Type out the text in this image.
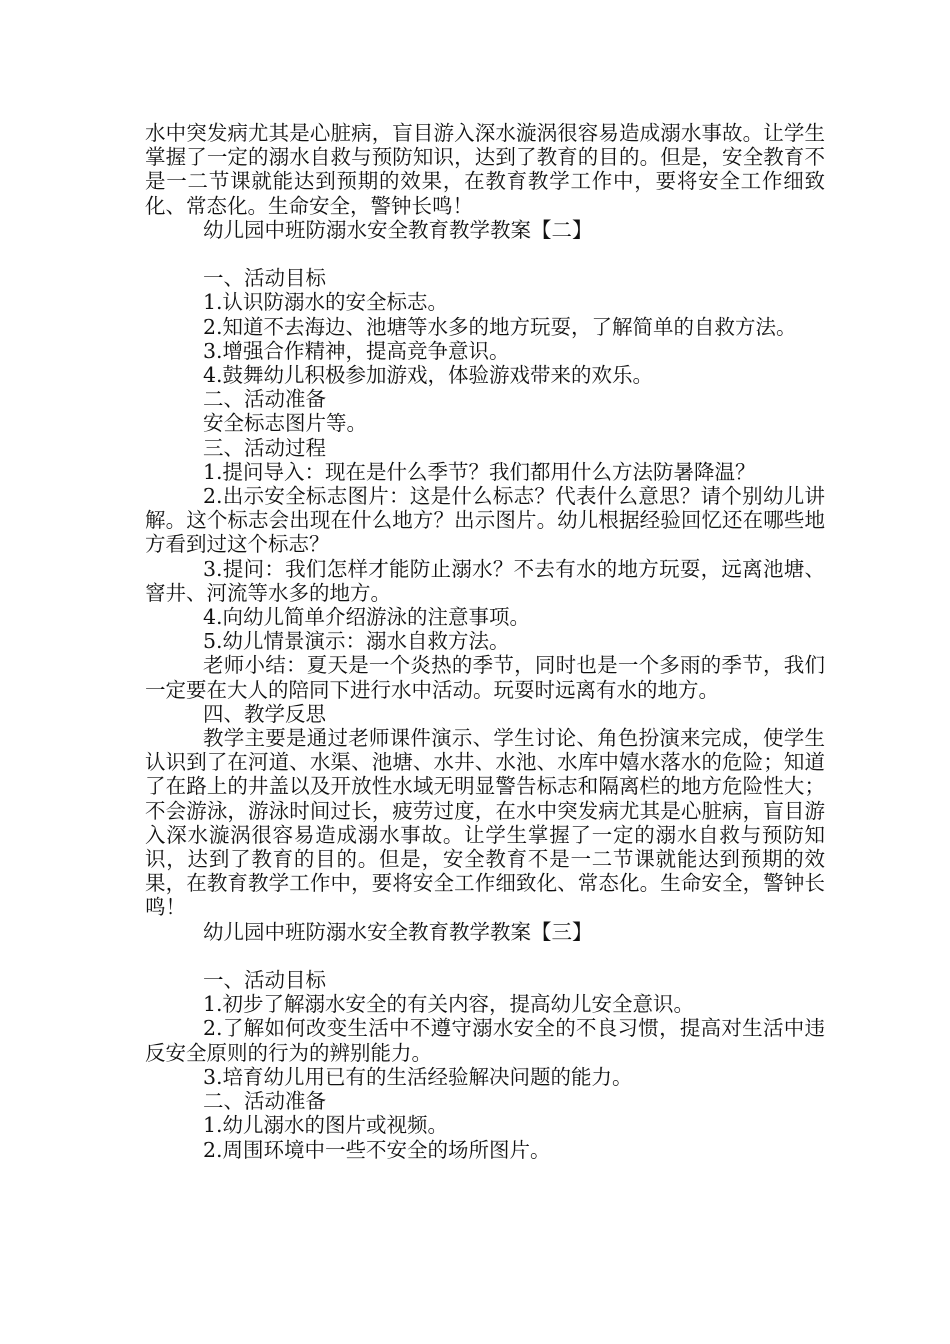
水中突发病尤其是心脏病，盲目游入深水漩涡很容易造成溺水事故。让学生掌握了一定的溺水自救与预防知识，达到了教育的目的。但是，安全教育不是一二节课就能达到预期的效果，在教育教学工作中，要将安全工作细致化、常态化。生命安全，警钟长鸣！

幼儿园中班防溺水安全教育教学教案【二】

一、活动目标

1.认识防溺水的安全标志。

2.知道不去海边、池塘等水多的地方玩耍，了解简单的自救方法。

3.增强合作精神，提高竞争意识。

4.鼓舞幼儿积极参加游戏，体验游戏带来的欢乐。

二、活动准备

安全标志图片等。

三、活动过程

1.提问导入：现在是什么季节？我们都用什么方法防暑降温？

2.出示安全标志图片：这是什么标志？代表什么意思？请个别幼儿讲解。这个标志会出现在什么地方？出示图片。幼儿根据经验回忆还在哪些地方看到过这个标志？

3.提问：我们怎样才能防止溺水？不去有水的地方玩耍，远离池塘、窨井、河流等水多的地方。

4.向幼儿简单介绍游泳的注意事项。

5.幼儿情景演示：溺水自救方法。

老师小结：夏天是一个炎热的季节，同时也是一个多雨的季节，我们一定要在大人的陪同下进行水中活动。玩耍时远离有水的地方。

四、教学反思

教学主要是通过老师课件演示、学生讨论、角色扮演来完成，使学生认识到了在河道、水渠、池塘、水井、水池、水库中嬉水落水的危险；知道了在路上的井盖以及开放性水域无明显警告标志和隔离栏的地方危险性大；不会游泳，游泳时间过长，疲劳过度，在水中突发病尤其是心脏病，盲目游入深水漩涡很容易造成溺水事故。让学生掌握了一定的溺水自救与预防知识，达到了教育的目的。但是，安全教育不是一二节课就能达到预期的效果，在教育教学工作中，要将安全工作细致化、常态化。生命安全，警钟长鸣！

幼儿园中班防溺水安全教育教学教案【三】

一、活动目标

1.初步了解溺水安全的有关内容，提高幼儿安全意识。

2.了解如何改变生活中不遵守溺水安全的不良习惯，提高对生活中违反安全原则的行为的辨别能力。

3.培育幼儿用已有的生活经验解决问题的能力。

二、活动准备

1.幼儿溺水的图片或视频。

2.周围环境中一些不安全的场所图片。
